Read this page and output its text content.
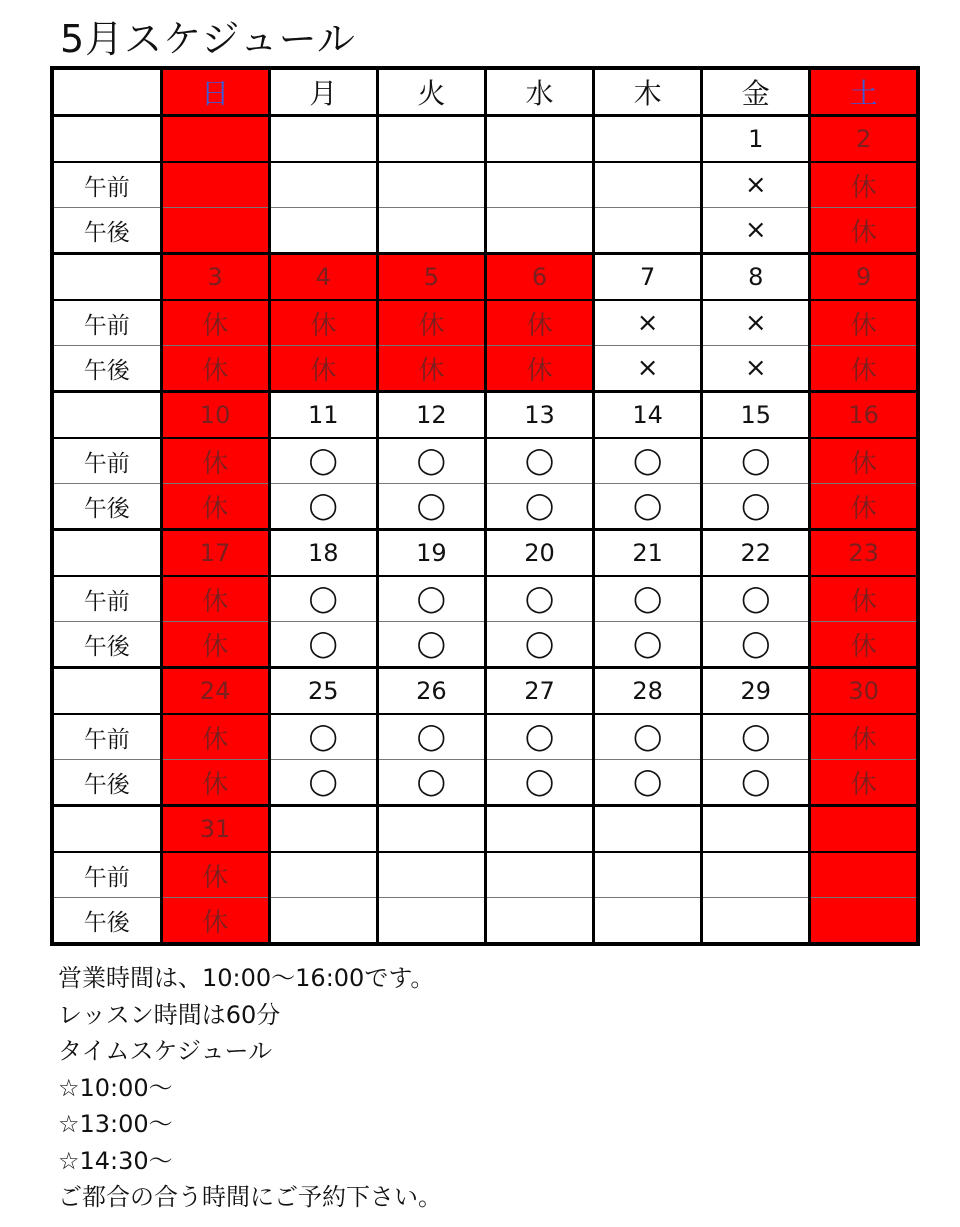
5月スケジュール
	日	月	火	水	木	金	土
						1	2
午前						×	休
午後						×	休
	3	4	5	6	7	8	9
午前	休	休	休	休	×	×	休
午後	休	休	休	休	×	×	休
	10	11	12	13	14	15	16
午前	休	◯	◯	◯	◯	◯	休
午後	休	◯	◯	◯	◯	◯	休
	17	18	19	20	21	22	23
午前	休	◯	◯	◯	◯	◯	休
午後	休	◯	◯	◯	◯	◯	休
	24	25	26	27	28	29	30
午前	休	◯	◯	◯	◯	◯	休
午後	休	◯	◯	◯	◯	◯	休
	31						
午前	休						
午後	休						
営業時間は、10:00～16:00です。
レッスン時間は60分
タイムスケジュール
☆10:00～
☆13:00～
☆14:30～
ご都合の合う時間にご予約下さい。
